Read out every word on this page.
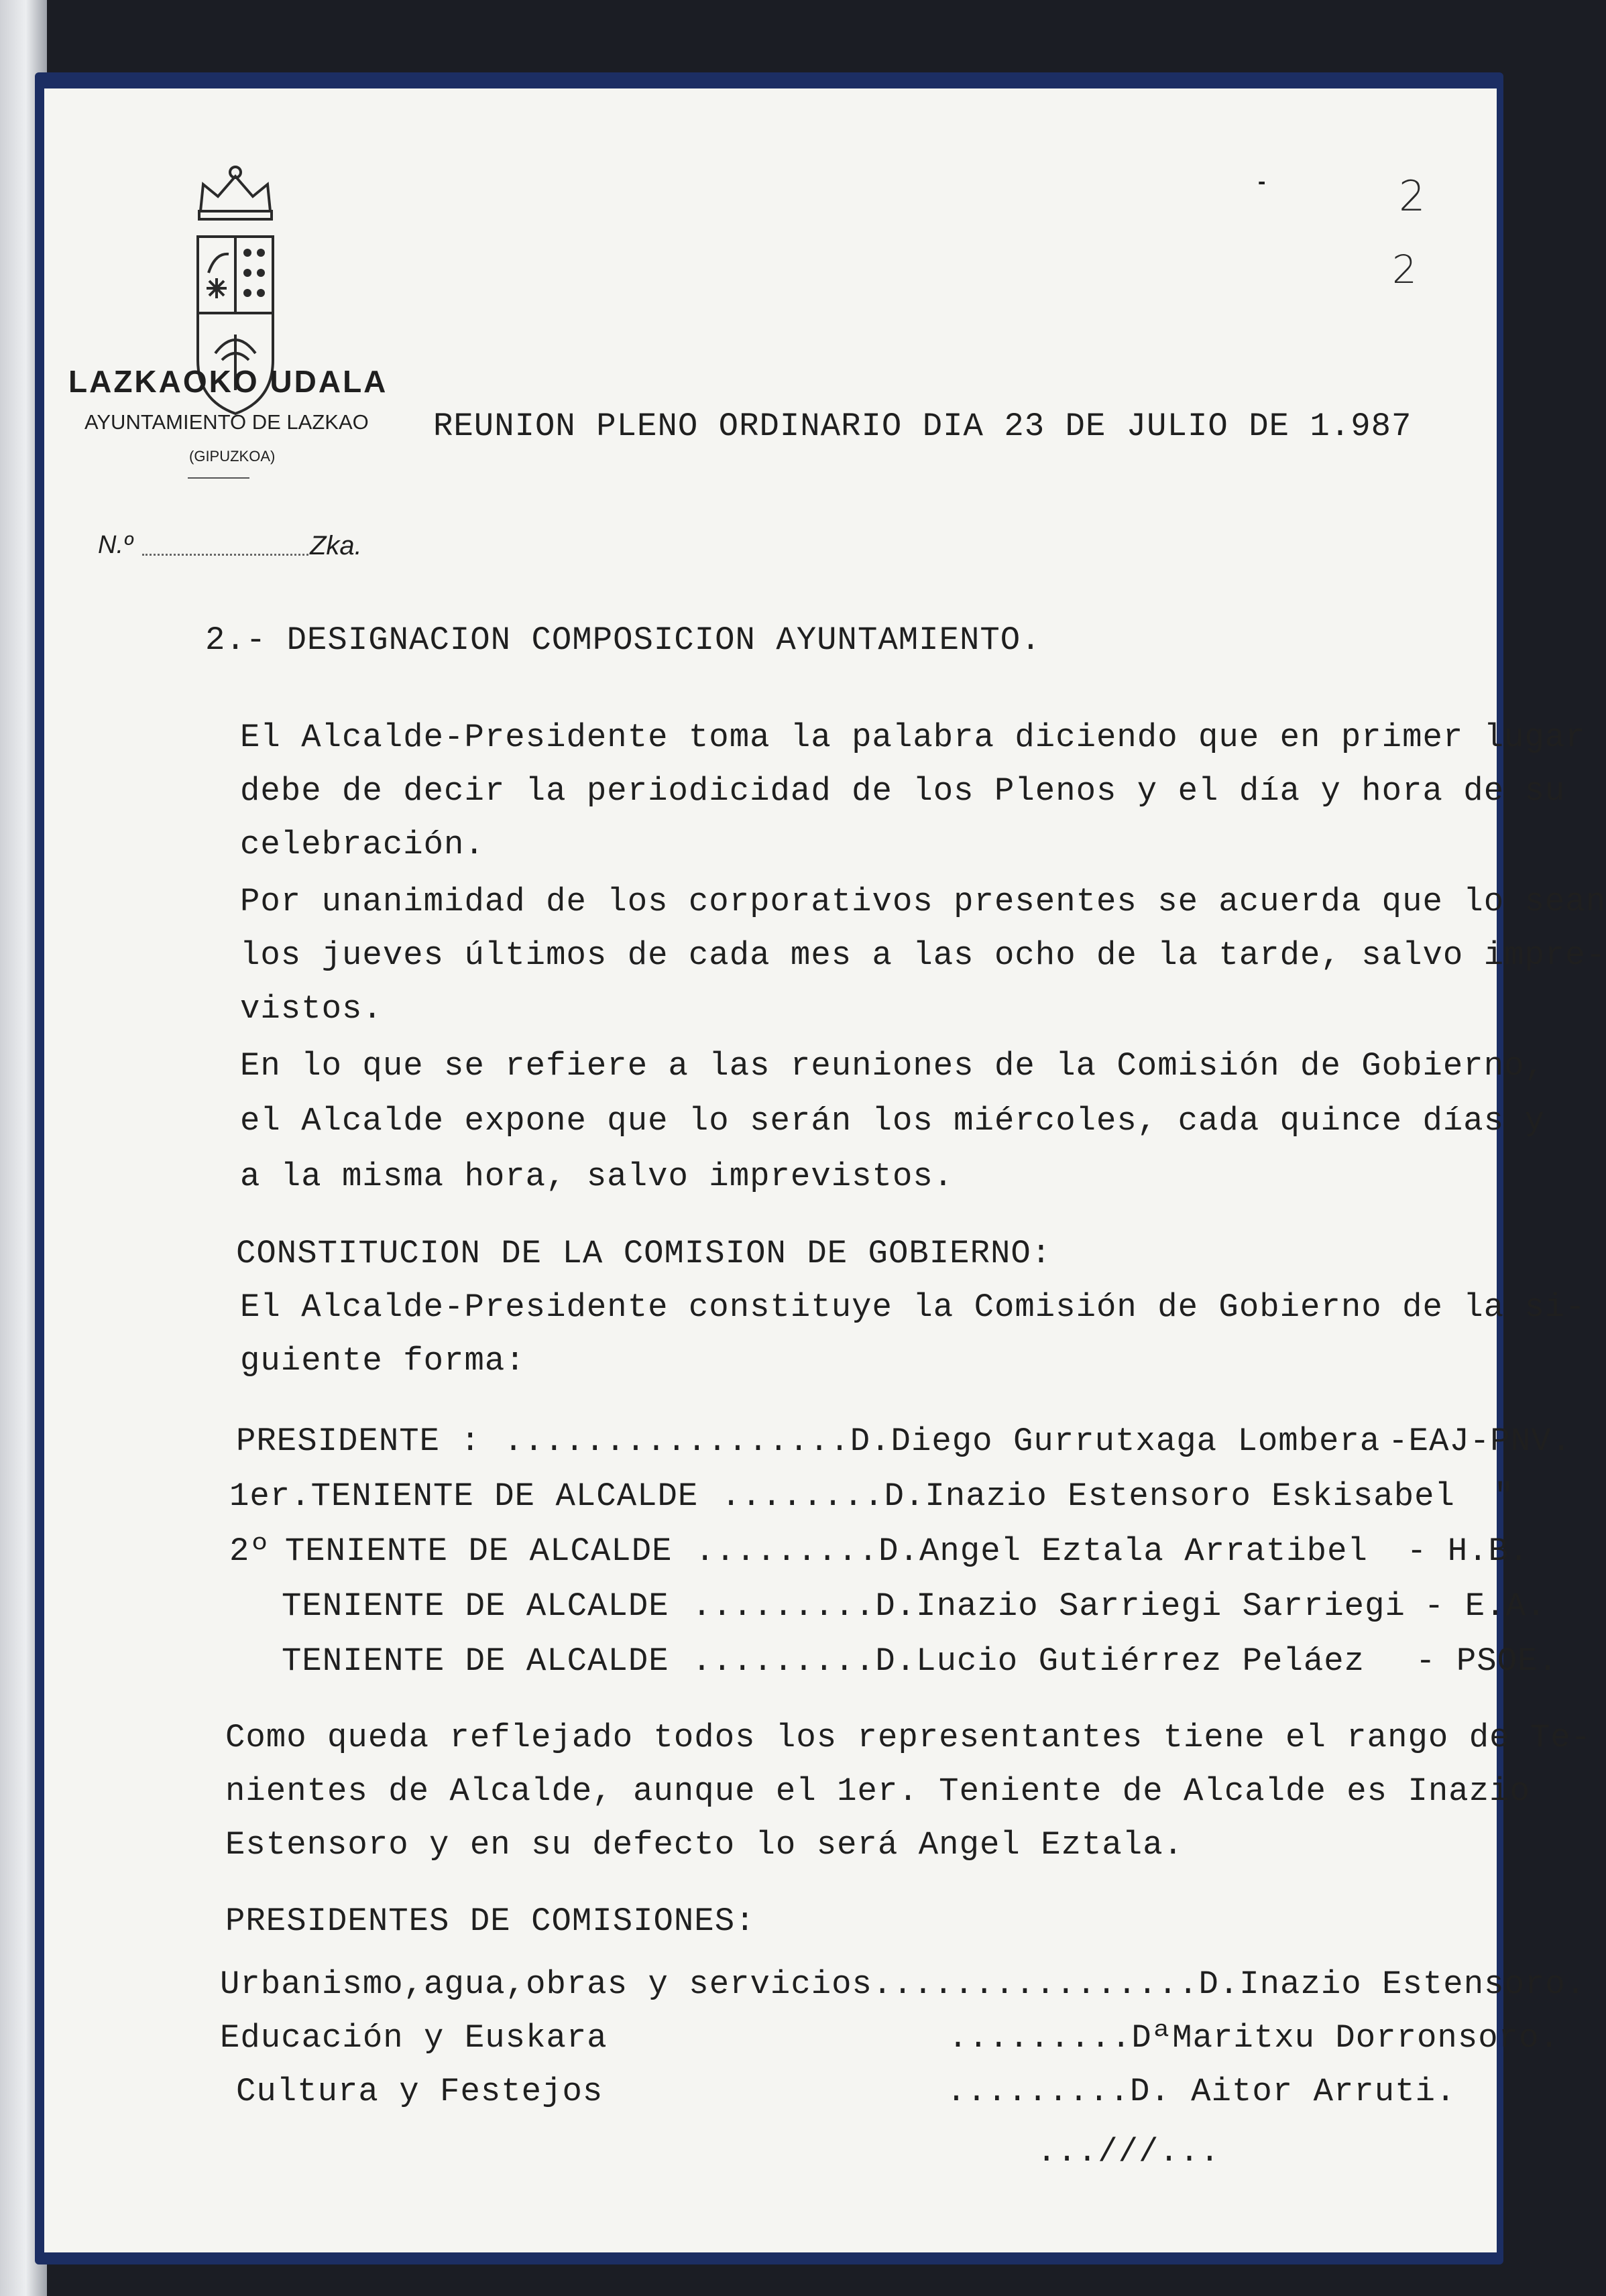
LAZKAOKO UDALA
AYUNTAMIENTO DE LAZKAO
(GIPUZKOA)
N.º	Zka.
-	2
2
REUNION PLENO ORDINARIO DIA 23 DE JULIO DE 1.987
2.- DESIGNACION COMPOSICION AYUNTAMIENTO.
El Alcalde-Presidente toma la palabra diciendo que en primer lugar
debe de decir la periodicidad de los Plenos y el día y hora de su
celebración.
Por unanimidad de los corporativos presentes se acuerda que lo sean
los jueves últimos de cada mes a las ocho de la tarde, salvo impre-
vistos.
En lo que se refiere a las reuniones de la Comisión de Gobierno,
el Alcalde expone que lo serán los miércoles, cada quince días y
a la misma hora, salvo imprevistos.
CONSTITUCION DE LA COMISION DE GOBIERNO:
El Alcalde-Presidente constituye la Comisión de Gobierno de la si-
guiente forma:
PRESIDENTE : .................D.Diego Gurrutxaga Lombera -EAJ-PNV.
1er.TENIENTE DE ALCALDE ........D.Inazio Estensoro Eskisabel "
2º TENIENTE DE ALCALDE .........D.Angel Eztala Arratibel - H.B.
TENIENTE DE ALCALDE .........D.Inazio Sarriegi Sarriegi - E.A.
TENIENTE DE ALCALDE .........D.Lucio Gutiérrez Peláez - PSOE.
Como queda reflejado todos los representantes tiene el rango de Te-
nientes de Alcalde, aunque el 1er. Teniente de Alcalde es Inazio
Estensoro y en su defecto lo será Angel Eztala.
PRESIDENTES DE COMISIONES:
Urbanismo,agua,obras y servicios................D.Inazio Estensoro.
Educación y Euskara	.........DªMaritxu Dorronsoro.
Cultura y Festejos	.........D. Aitor Arruti.
...///...
